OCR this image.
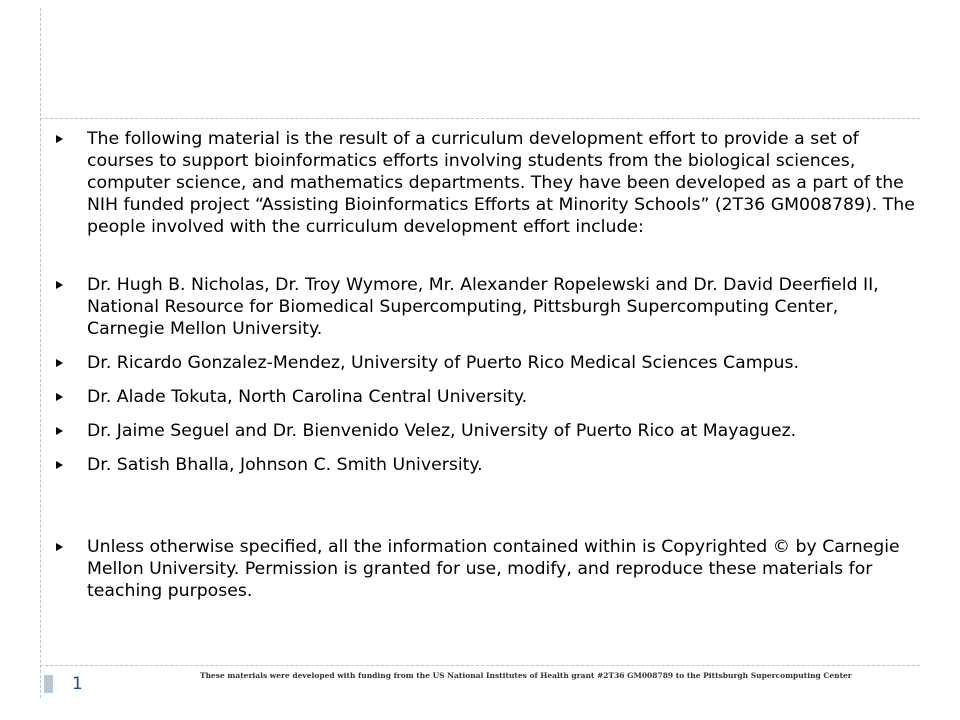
The following material is the result of a curriculum development effort to provide a set of courses to support bioinformatics efforts involving students from the biological sciences, computer science, and mathematics departments. They have been developed as a part of the NIH funded project “Assisting Bioinformatics Efforts at Minority Schools” (2T36 GM008789). The people involved with the curriculum development effort include:
Dr. Hugh B. Nicholas, Dr. Troy Wymore, Mr. Alexander Ropelewski and Dr. David Deerfield II, National Resource for Biomedical Supercomputing, Pittsburgh Supercomputing Center, Carnegie Mellon University.
Dr. Ricardo Gonzalez-Mendez, University of Puerto Rico Medical Sciences Campus.
Dr. Alade Tokuta, North Carolina Central University.
Dr. Jaime Seguel and Dr. Bienvenido Velez, University of Puerto Rico at Mayaguez.
Dr. Satish Bhalla, Johnson C. Smith University.
Unless otherwise specified, all the information contained within is Copyrighted © by Carnegie Mellon University. Permission is granted for use, modify, and reproduce these materials for teaching purposes.
1	These materials were developed with funding from the US National Institutes of Health grant #2T36 GM008789 to the Pittsburgh Supercomputing Center
